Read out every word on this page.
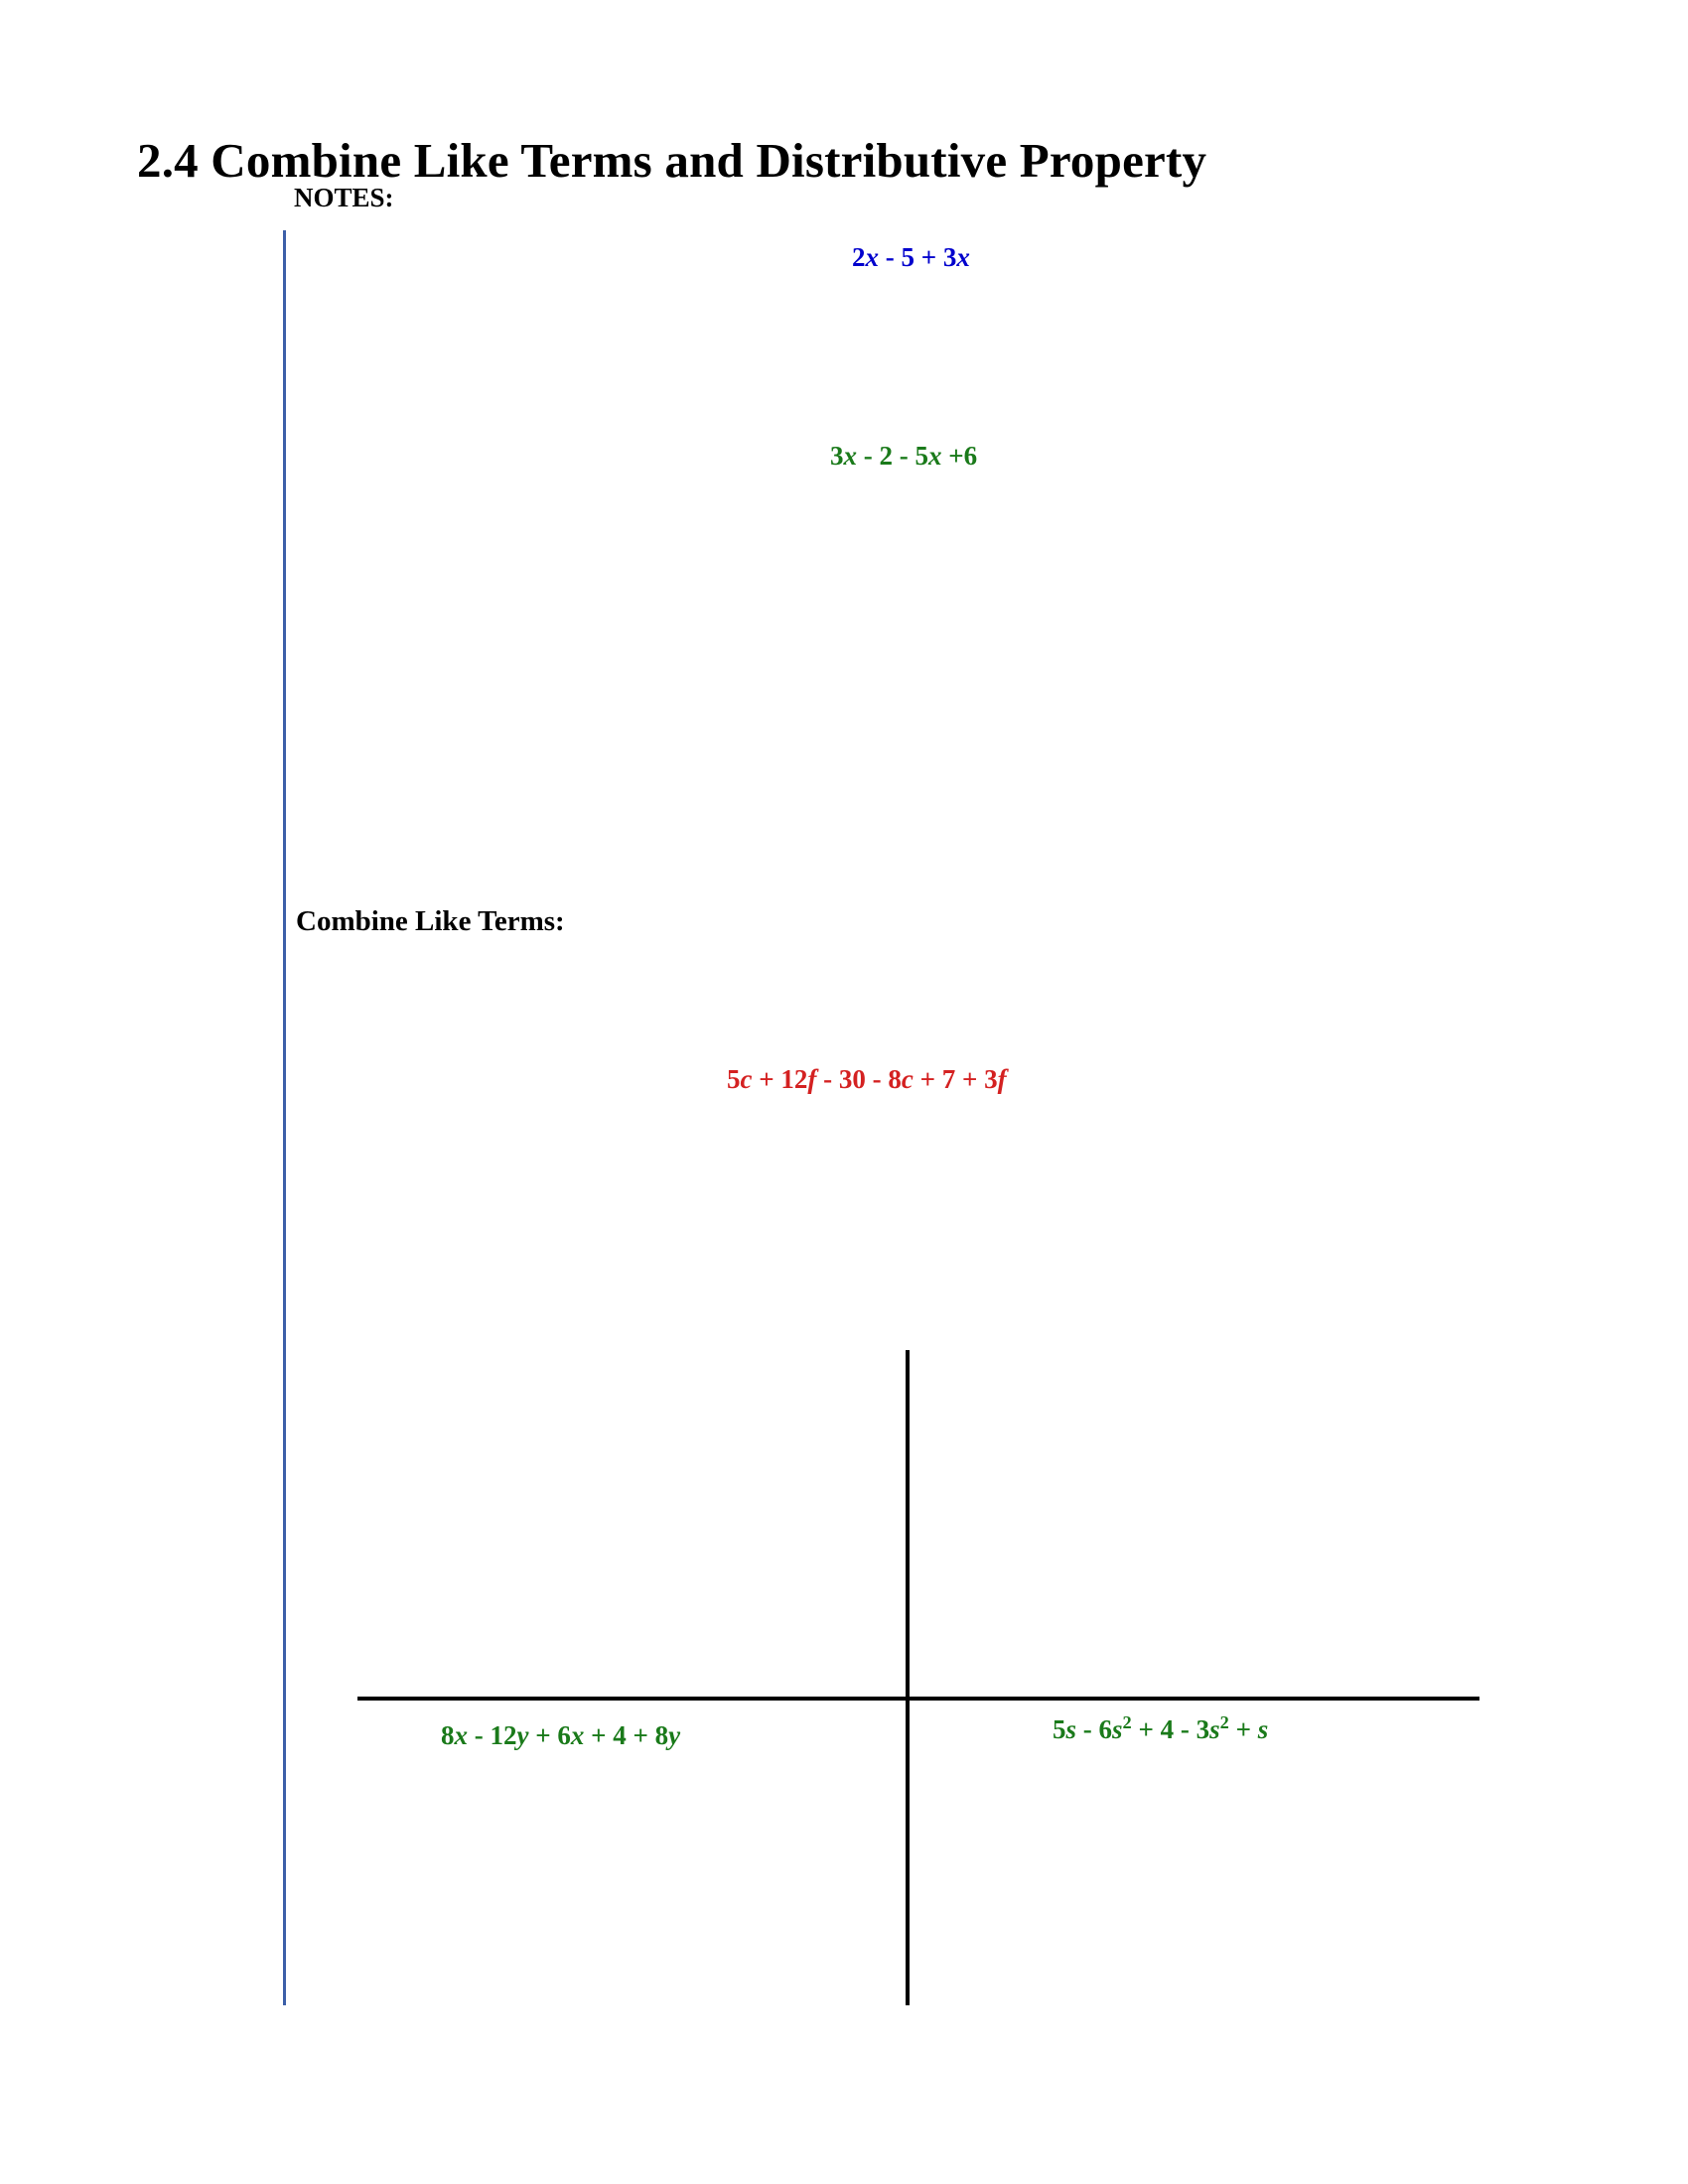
2.4 Combine Like Terms and Distributive Property
NOTES:
2x - 5 + 3x
3x - 2 - 5x +6
Combine Like Terms:
5c + 12f - 30 - 8c + 7 + 3f
8x - 12y + 6x + 4 + 8y	$5s - 6s^2 + 4 - 3s^2 + s$
